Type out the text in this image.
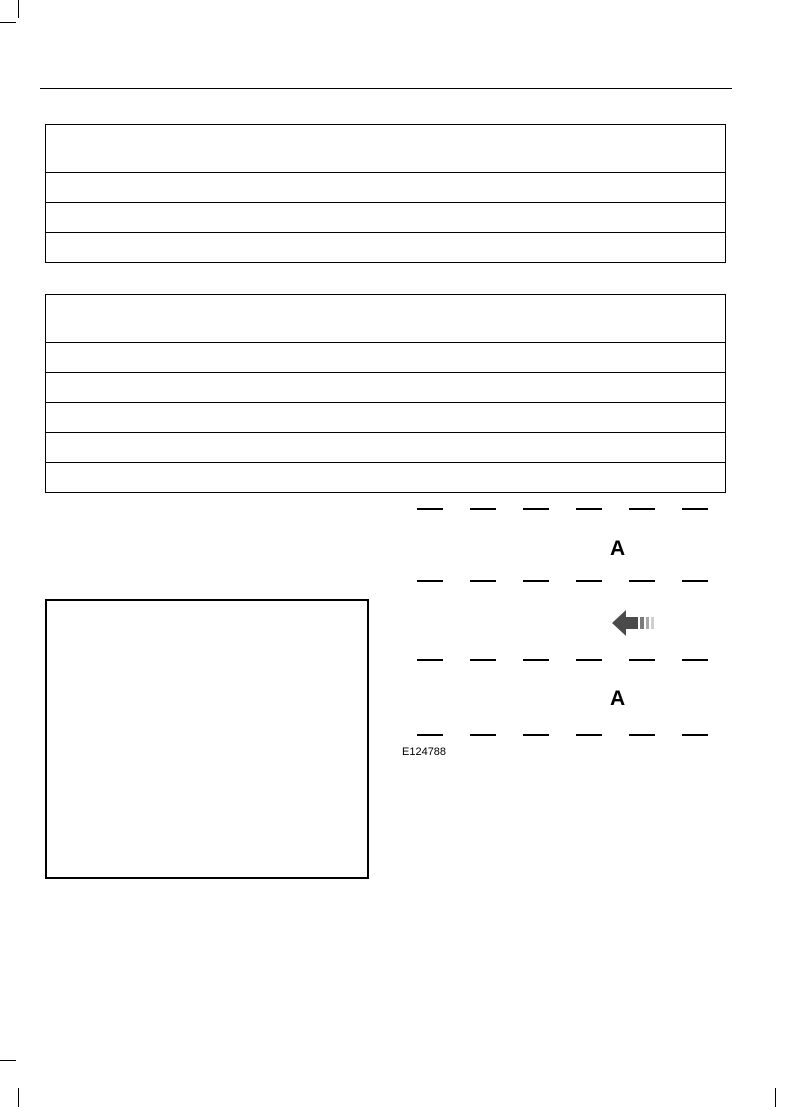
A
A
E124788
